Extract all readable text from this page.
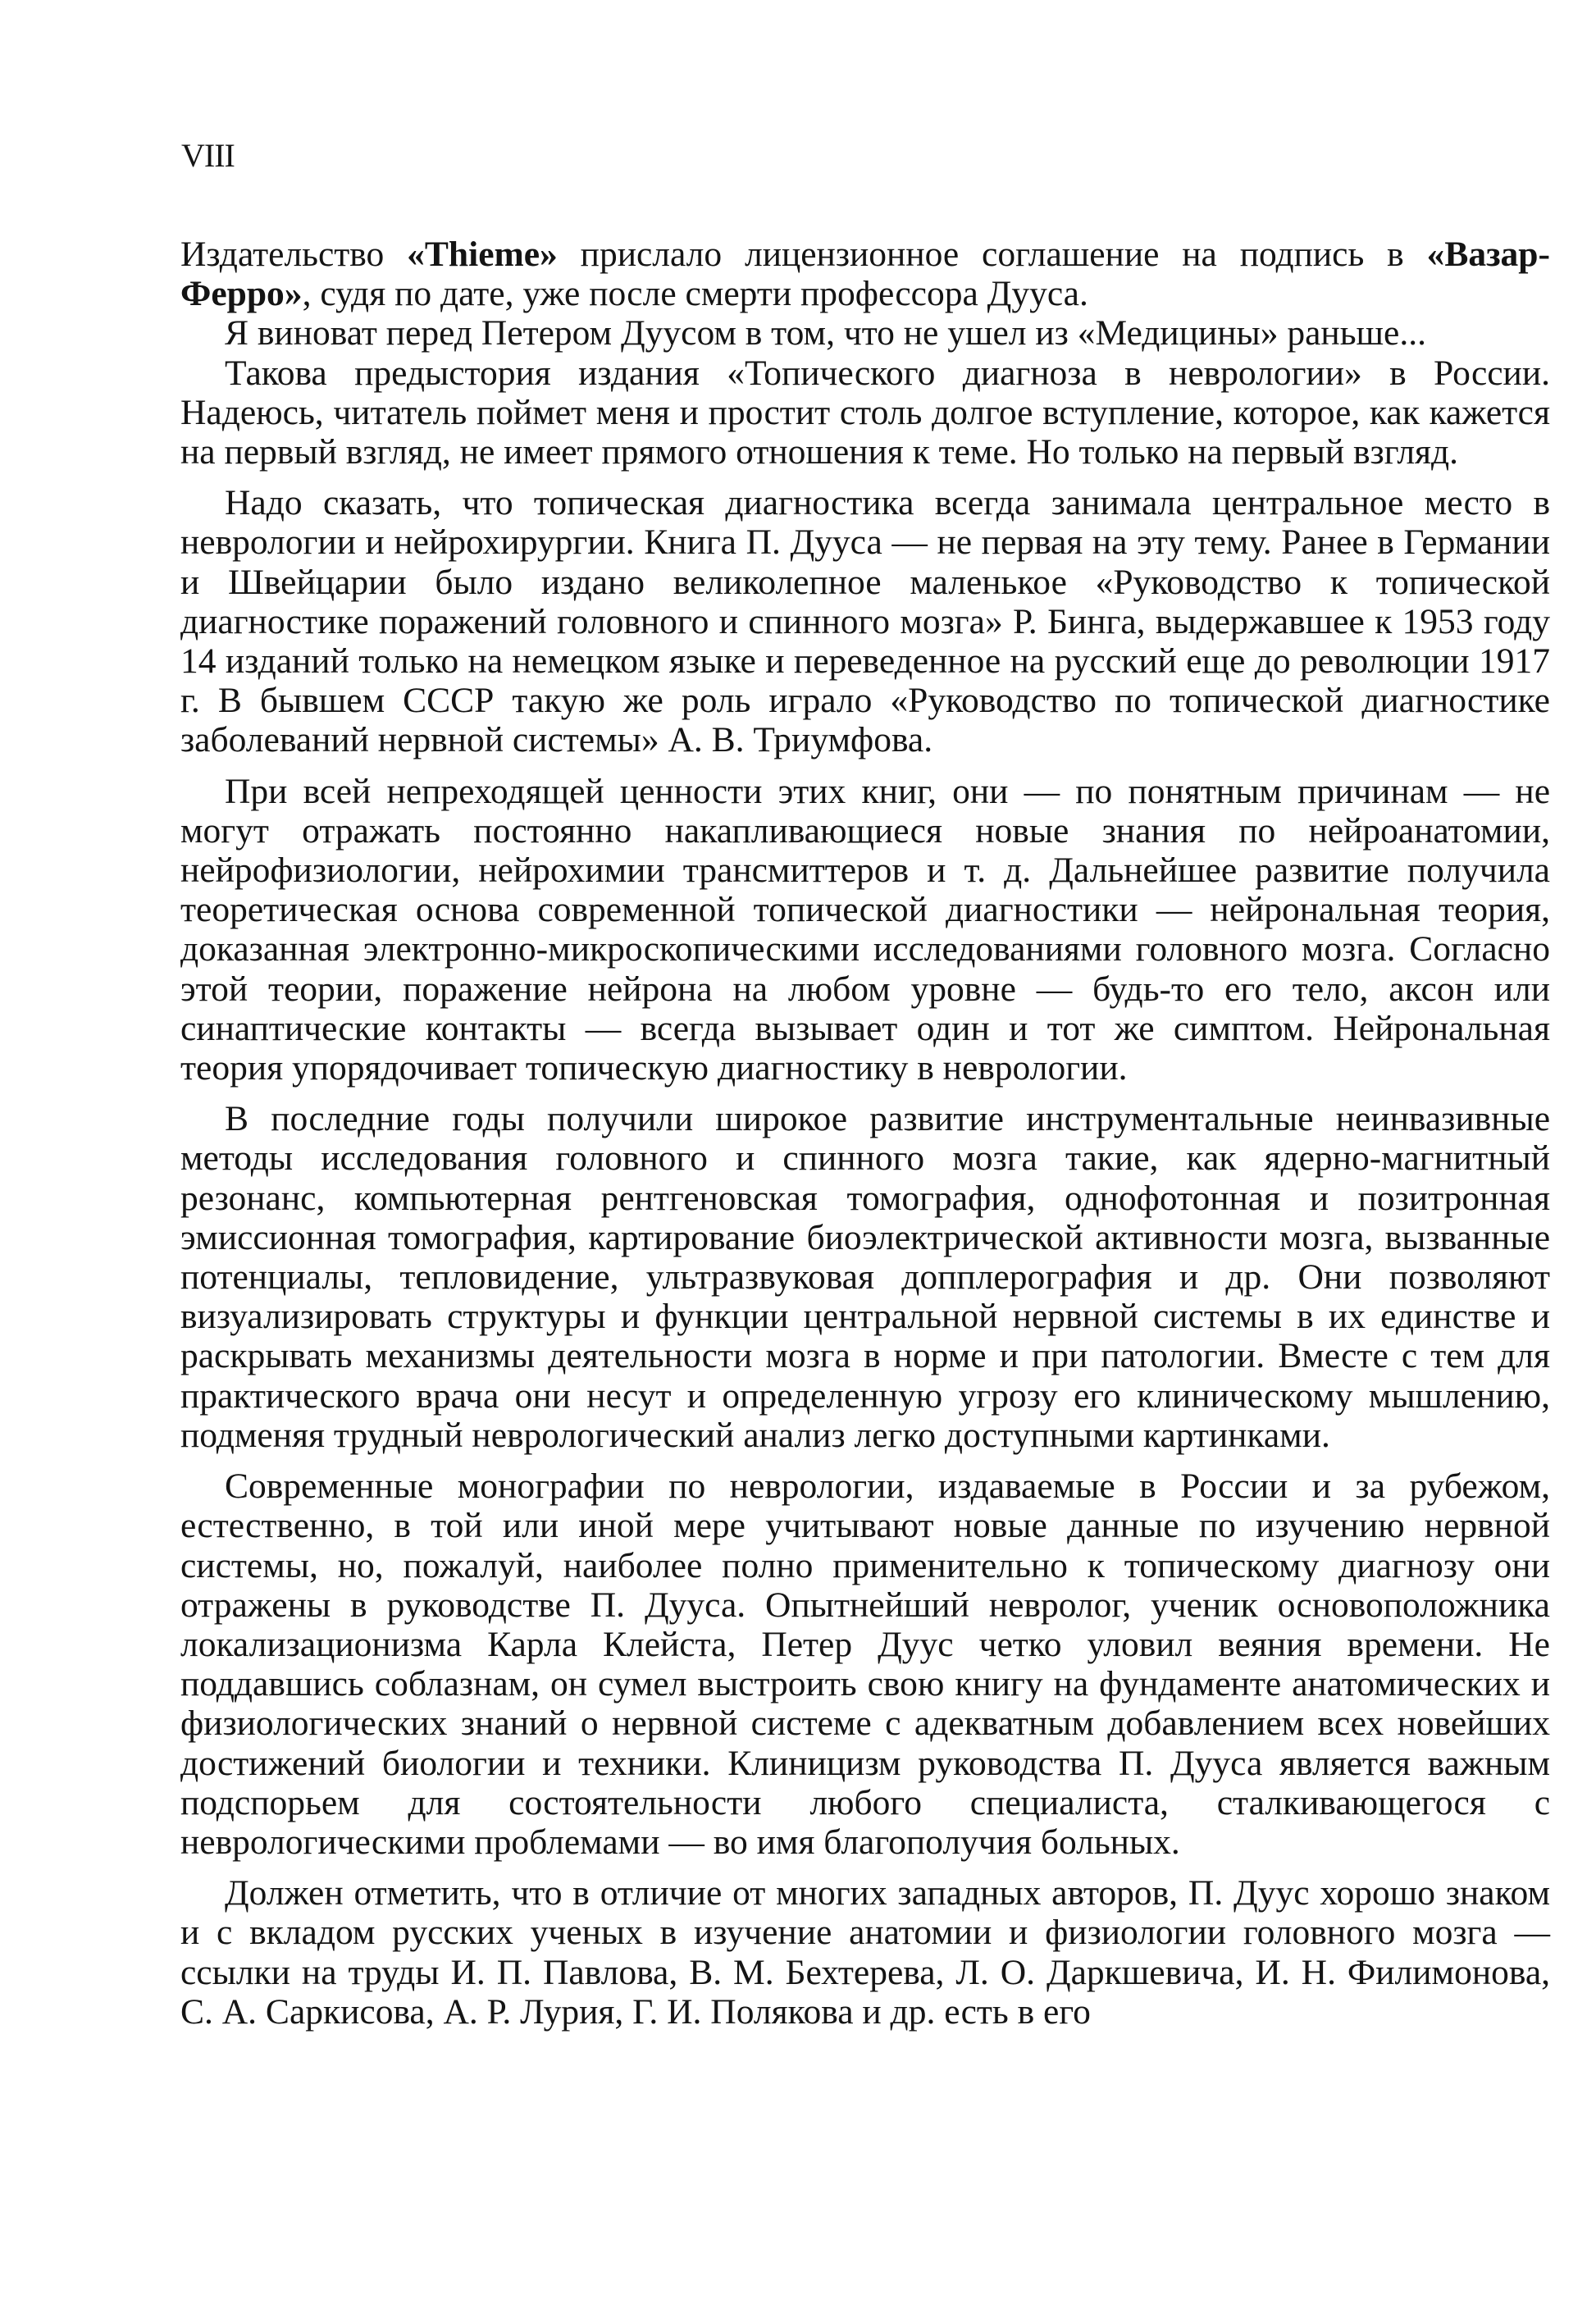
VIII

Издательство «Thieme» прислало лицензионное соглашение на подпись в «Вазар-Ферро», судя по дате, уже после смерти профессора Дууса.

Я виноват перед Петером Дуусом в том, что не ушел из «Медицины» раньше...

Такова предыстория издания «Топического диагноза в неврологии» в России. Надеюсь, читатель поймет меня и простит столь долгое вступление, которое, как кажется на первый взгляд, не имеет прямого отношения к теме. Но только на первый взгляд.

Надо сказать, что топическая диагностика всегда занимала центральное место в неврологии и нейрохирургии. Книга П. Дууса — не первая на эту тему. Ранее в Германии и Швейцарии было издано великолепное маленькое «Руководство к топической диагностике поражений головного и спинного мозга» Р. Бинга, выдержавшее к 1953 году 14 изданий только на немецком языке и переведенное на русский еще до революции 1917 г. В бывшем СССР такую же роль играло «Руководство по топической диагностике заболеваний нервной системы» А. В. Триумфова.

При всей непреходящей ценности этих книг, они — по понятным причинам — не могут отражать постоянно накапливающиеся новые знания по нейроанатомии, нейрофизиологии, нейрохимии трансмиттеров и т. д. Дальнейшее развитие получила теоретическая основа современной топической диагностики — нейрональная теория, доказанная электронно-микроскопическими исследованиями головного мозга. Согласно этой теории, поражение нейрона на любом уровне — будь-то его тело, аксон или синаптические контакты — всегда вызывает один и тот же симптом. Нейрональная теория упорядочивает топическую диагностику в неврологии.

В последние годы получили широкое развитие инструментальные неинвазивные методы исследования головного и спинного мозга такие, как ядерно-магнитный резонанс, компьютерная рентгеновская томография, однофотонная и позитронная эмиссионная томография, картирование биоэлектрической активности мозга, вызванные потенциалы, тепловидение, ультразвуковая допплерография и др. Они позволяют визуализировать структуры и функции центральной нервной системы в их единстве и раскрывать механизмы деятельности мозга в норме и при патологии. Вместе с тем для практического врача они несут и определенную угрозу его клиническому мышлению, подменяя трудный неврологический анализ легко доступными картинками.

Современные монографии по неврологии, издаваемые в России и за рубежом, естественно, в той или иной мере учитывают новые данные по изучению нервной системы, но, пожалуй, наиболее полно применительно к топическому диагнозу они отражены в руководстве П. Дууса. Опытнейший невролог, ученик основоположника локализационизма Карла Клейста, Петер Дуус четко уловил веяния времени. Не поддавшись соблазнам, он сумел выстроить свою книгу на фундаменте анатомических и физиологических знаний о нервной системе с адекватным добавлением всех новейших достижений биологии и техники. Клиницизм руководства П. Дууса является важным подспорьем для состоятельности любого специалиста, сталкивающегося с неврологическими проблемами — во имя благополучия больных.

Должен отметить, что в отличие от многих западных авторов, П. Дуус хорошо знаком и с вкладом русских ученых в изучение анатомии и физиологии головного мозга — ссылки на труды И. П. Павлова, В. М. Бехтерева, Л. О. Даркшевича, И. Н. Филимонова, С. А. Саркисова, А. Р. Лурия, Г. И. Полякова и др. есть в его
